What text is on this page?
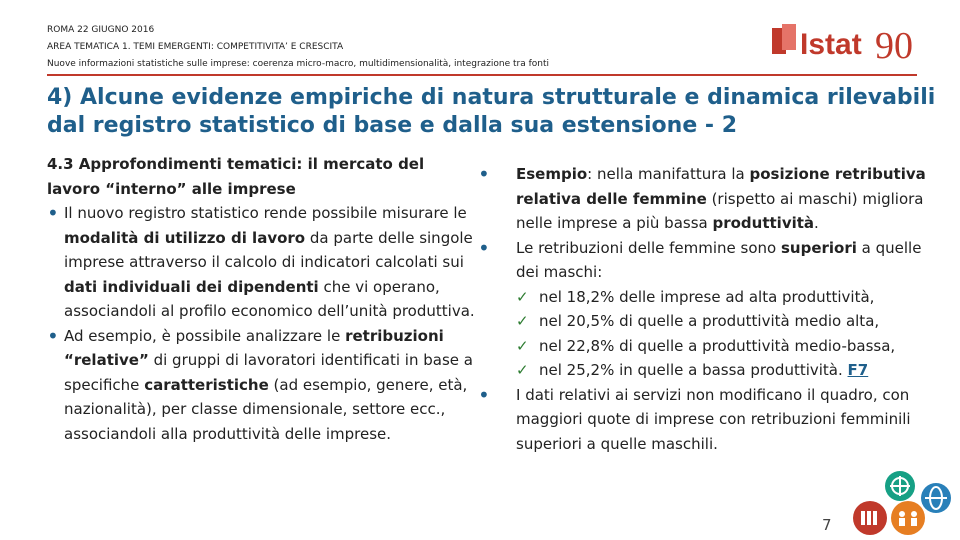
ROMA 22 GIUGNO 2016
AREA TEMATICA 1. TEMI EMERGENTI: COMPETITIVITA’ E CRESCITA
Nuove informazioni statistiche sulle imprese: coerenza micro-macro, multidimensionalità, integrazione tra fonti
Istat 90
4) Alcune evidenze empiriche di natura strutturale e dinamica rilevabili dal registro statistico di base e dalla sua estensione - 2
4.3 Approfondimenti tematici: il mercato del lavoro “interno” alle imprese
• Il nuovo registro statistico rende possibile misurare le modalità di utilizzo di lavoro da parte delle singole imprese attraverso il calcolo di indicatori calcolati sui dati individuali dei dipendenti che vi operano, associandoli al profilo economico dell’unità produttiva.
• Ad esempio, è possibile analizzare le retribuzioni “relative” di gruppi di lavoratori identificati in base a specifiche caratteristiche (ad esempio, genere, età, nazionalità), per classe dimensionale, settore ecc., associandoli alla produttività delle imprese.
• Esempio: nella manifattura la posizione retributiva relativa delle femmine (rispetto ai maschi) migliora nelle imprese a più bassa produttività.
• Le retribuzioni delle femmine sono superiori a quelle dei maschi:
✓ nel 18,2% delle imprese ad alta produttività,
✓ nel 20,5% di quelle a produttività medio alta,
✓ nel 22,8% di quelle a produttività medio-bassa,
✓ nel 25,2% in quelle a bassa produttività. F7
• I dati relativi ai servizi non modificano il quadro, con maggiori quote di imprese con retribuzioni femminili superiori a quelle maschili.
7
